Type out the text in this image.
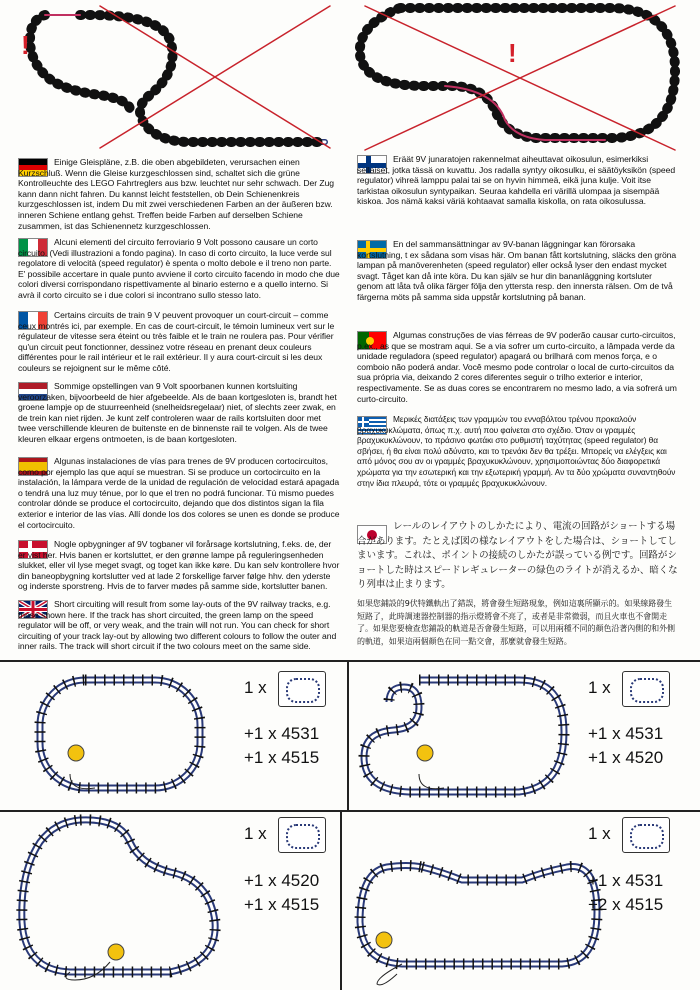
!	!
Einige Gleispläne, z.B. die oben abgebildeten, verursachen einen Kurzschluß. Wenn die Gleise kurzgeschlossen sind, schaltet sich die grüne Kontrolleuchte des LEGO Fahrtreglers aus bzw. leuchtet nur sehr schwach. Der Zug kann dann nicht fahren. Du kannst leicht feststellen, ob Dein Schienenkreis kurzgeschlossen ist, indem Du mit zwei verschiedenen Farben an der äußeren bzw. inneren Schiene entlang gehst. Treffen beide Farben auf derselben Schiene zusammen, ist das Schienennetz kurzgeschlossen.
Alcuni elementi del circuito ferroviario 9 Volt possono causare un corto circuito. (Vedi illustrazioni a fondo pagina). In caso di corto circuito, la luce verde sul regolatore di velocità (speed regulator) è spenta o molto debole e il treno non parte. E' possibile accertare in quale punto avviene il corto circuito facendo in modo che due colori diversi corrispondano rispettivamente al binario esterno e a quello interno. Si avrà il corto circuito se i due colori si incontrano sullo stesso lato.
Certains circuits de train 9 V peuvent provoquer un court-circuit – comme ceux montrés ici, par exemple. En cas de court-circuit, le témoin lumineux vert sur le régulateur de vitesse sera éteint ou très faible et le train ne roulera pas. Pour vérifier qu'un circuit peut fonctionner, dessinez votre réseau en prenant deux couleurs différentes pour le rail intérieur et le rail extérieur. Il y aura court-circuit si les deux couleurs se rejoignent sur le même côté.
Sommige opstellingen van 9 Volt spoorbanen kunnen kortsluiting veroorzaken, bijvoorbeeld de hier afgebeelde. Als de baan kortgesloten is, brandt het groene lampje op de stuurreenheid (snelheidsregelaar) niet, of slechts zeer zwak, en de trein kan niet rijden. Je kunt zelf controleren waar de rails kortsluiten door met twee verschillende kleuren de buitenste en de binnenste rail te volgen. Als de twee kleuren elkaar ergens ontmoeten, is de baan kortgesloten.
Algunas instalaciones de vías para trenes de 9V producen cortocircuitos, como por ejemplo las que aquí se muestran. Si se produce un cortocircuito en la instalación, la lámpara verde de la unidad de regulación de velocidad estará apagada o tendrá una luz muy ténue, por lo que el tren no podrá funcionar. Tú mismo puedes controlar dónde se produce el cortocircuito, dejando que dos distintos sigan la fila exterior e interior de las vías. Allí donde los dos colores se unen es donde se produce el cortocircuito.
Nogle opbygninger af 9V togbaner vil forårsage kortslutning, f.eks. de, der er vist her. Hvis banen er kortsluttet, er den grønne lampe på reguleringsenheden slukket, eller vil lyse meget svagt, og toget kan ikke køre. Du kan selv kontrollere hvor din baneopbygning kortslutter ved at lade 2 forskellige farver følge hhv. den yderste og inderste sporstreng. Hvis de to farver mødes på samme side, kortslutter banen.
Short circuiting will result from some lay-outs of the 9V railway tracks, e.g. those shown here. If the track has short circuited, the green lamp on the speed regulator will be off, or very weak, and the train will not run. You can check for short circuiting of your track lay-out by allowing two different colours to follow the outer and inner rails. The track will short circuit if the two colours meet on the same side.
Eräät 9V junaratojen rakennelmat aiheuttavat oikosulun, esimerkiksi sellaiset, jotka tässä on kuvattu. Jos radalla syntyy oikosulku, ei säätöyksikön (speed regulator) vihreä lamppu palai tai se on hyvin himmeä, eikä juna kulje. Voit itse tarkistaa oikosulun syntypaikan. Seuraa kahdella eri värillä ulompaa ja sisempää kiskoa. Jos nämä kaksi väriä kohtaavat samalla kiskolla, on rata oikosulussa.
En del sammansättningar av 9V-banan läggningar kan förorsaka kortslutning, t ex sådana som visas här. Om banan fått kortslutning, släcks den gröna lampan på manöverenheten (speed regulator) eller också lyser den endast mycket svagt. Tåget kan då inte köra. Du kan själv se hur din bananläggning kortsluter genom att låta två olika färger följa den yttersta resp. den innersta rälsen. Om de två färgerna möts på samma sida uppstår kortslutning på banan.
Algumas construções de vias férreas de 9V poderão causar curto-circuitos, p.ex., as que se mostram aqui. Se a via sofrer um curto-circuito, a lâmpada verde da unidade reguladora (speed regulator) apagará ou brilhará com menos força, e o comboio não poderá andar. Você mesmo pode controlar o local de curto-circuitos da sua própria via, deixando 2 cores diferentes seguir o trilho exterior e interior, respectivamente. Se as duas cores se encontrarem no mesmo lado, a via sofrerá um curto-circuito.
Μερικές διατάξεις των γραμμών του ενναβόλτου τρένου προκαλούν βραχυκυκλώματα, όπως π.χ. αυτή που φαίνεται στο σχέδιο. Όταν οι γραμμές βραχυκυκλώνουν, το πράσινο φωτάκι στο ρυθμιστή ταχύτητας (speed regulator) θα σβήσει, ή θα είναι πολύ αδύνατο, και το τρενάκι δεν θα τρέξει. Μπορείς να ελέγξεις και από μόνος σου αν οι γραμμές βραχυκυκλώνουν, χρησιμοποιώντας δύο διαφορετικά χρώματα για την εσωτερική και την εξωτερική γραμμή. Αν τα δύο χρώματα συναντηθούν στην ίδια πλευρά, τότε οι γραμμές βραχυκυκλώνουν.
レールのレイアウトのしかたにより、電流の回路がショートする場合があります。たとえば図の様なレイアウトをした場合は、ショートしてしまいます。これは、ポイントの接続のしかたが誤っている例です。回路がショートした時はスピードレギュレーターの緑色のライトが消えるか、暗くなり列車は止まります。
如果您鋪設的9伏特鐵軌出了錯誤，將會發生短路現象，例如這裏所顯示的。如果線路發生短路了，此時調速器控制器的指示燈將會不亮了，或者是非常微弱，而且火車也不會開走了。如果您要檢查您鋪設的軌道是否會發生短路，可以用兩種不同的顏色沿著內側的和外側的軌道，如果這兩個顏色在同一點交會，那麼就會發生短路。
1 x
+1 x 4531
+1 x 4515
1 x
+1 x 4531
+1 x 4520
1 x
+1 x 4520
+1 x 4515
1 x
+1 x 4531
+2 x 4515
